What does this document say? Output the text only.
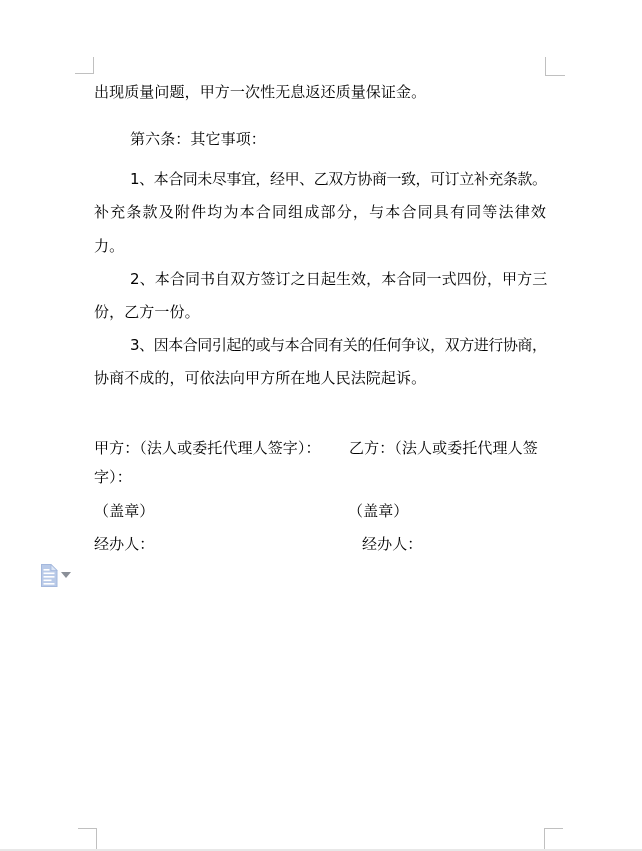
出现质量问题，甲方一次性无息返还质量保证金。
第六条：其它事项：
1、本合同未尽事宜，经甲、乙双方协商一致，可订立补充条款。
补充条款及附件均为本合同组成部分，与本合同具有同等法律效
力。
2、本合同书自双方签订之日起生效，本合同一式四份，甲方三
份，乙方一份。
3、因本合同引起的或与本合同有关的任何争议，双方进行协商，
协商不成的，可依法向甲方所在地人民法院起诉。
甲方：（法人或委托代理人签字）： 乙方：（法人或委托代理人签
字）：
（盖章）	（盖章）
经办人：	经办人：
